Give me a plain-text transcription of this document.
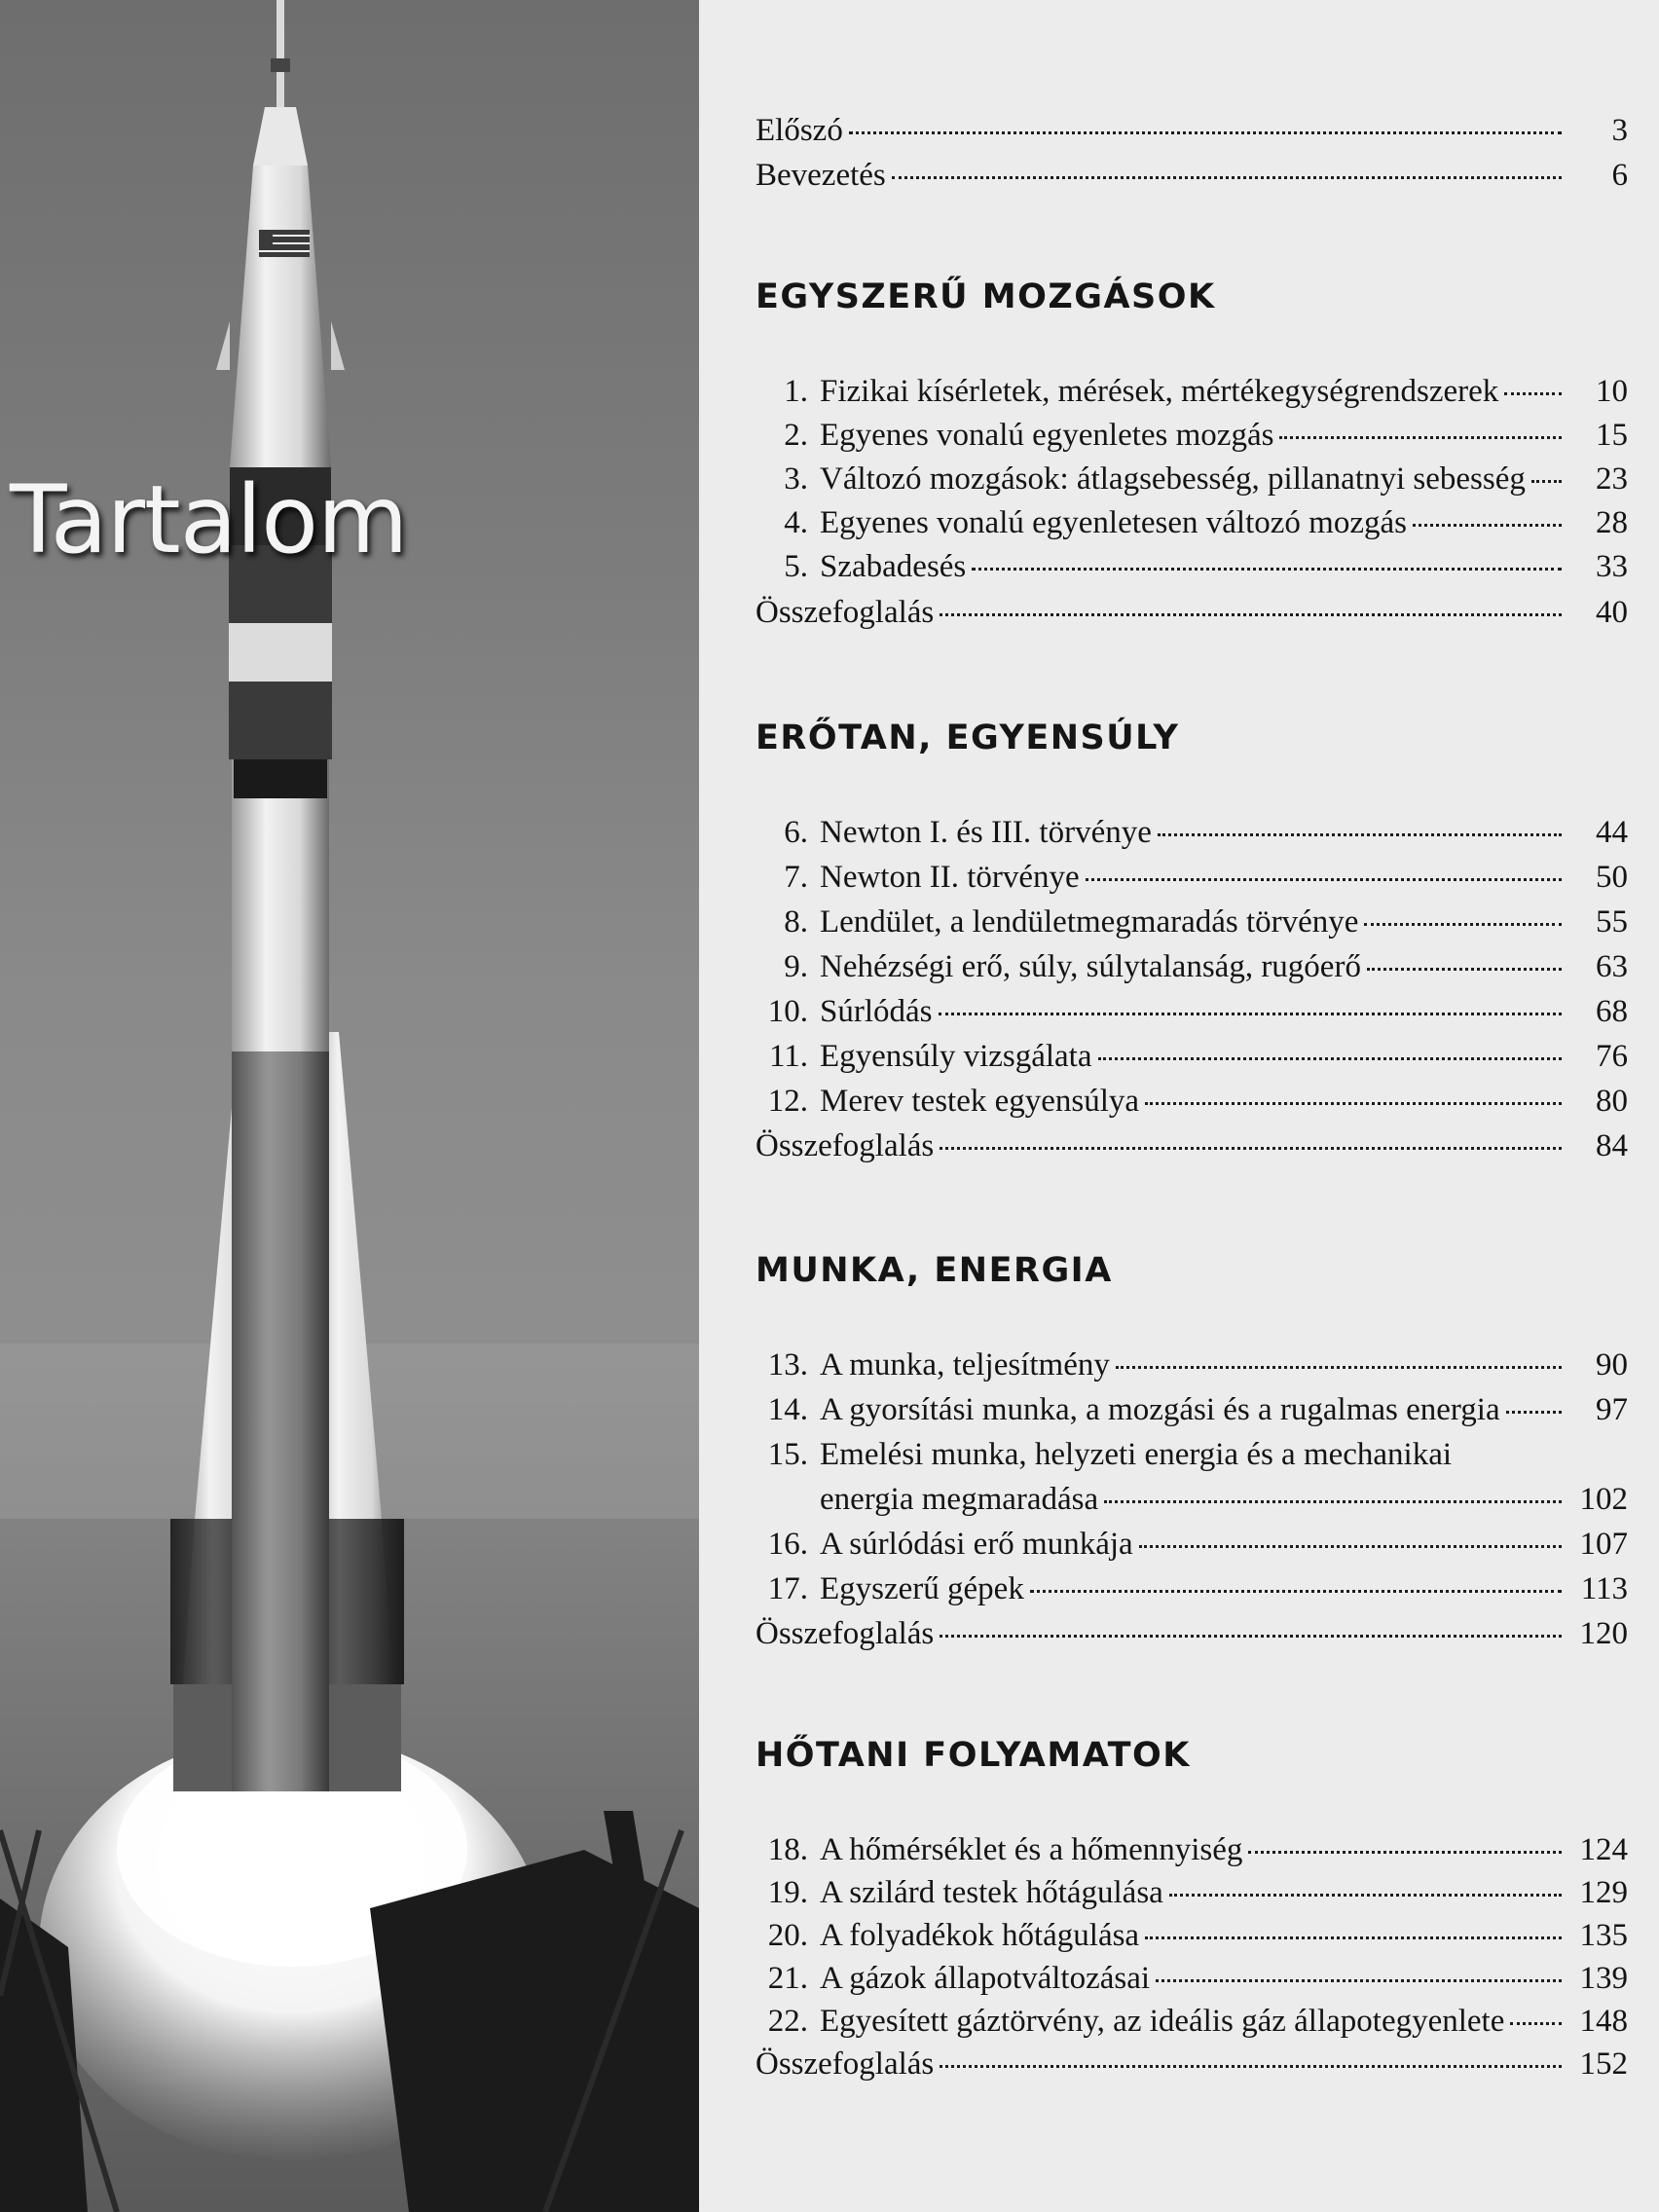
Tartalom
Előszó	3
Bevezetés	6
EGYSZERŰ MOZGÁSOK
1. Fizikai kísérletek, mérések, mértékegységrendszerek	10
2. Egyenes vonalú egyenletes mozgás	15
3. Változó mozgások: átlagsebesség, pillanatnyi sebesség	23
4. Egyenes vonalú egyenletesen változó mozgás	28
5. Szabadesés	33
Összefoglalás	40
ERŐTAN, EGYENSÚLY
6. Newton I. és III. törvénye	44
7. Newton II. törvénye	50
8. Lendület, a lendületmegmaradás törvénye	55
9. Nehézségi erő, súly, súlytalanság, rugóerő	63
10. Súrlódás	68
11. Egyensúly vizsgálata	76
12. Merev testek egyensúlya	80
Összefoglalás	84
MUNKA, ENERGIA
13. A munka, teljesítmény	90
14. A gyorsítási munka, a mozgási és a rugalmas energia	97
15. Emelési munka, helyzeti energia és a mechanikai
energia megmaradása	102
16. A súrlódási erő munkája	107
17. Egyszerű gépek	113
Összefoglalás	120
HŐTANI FOLYAMATOK
18. A hőmérséklet és a hőmennyiség	124
19. A szilárd testek hőtágulása	129
20. A folyadékok hőtágulása	135
21. A gázok állapotváltozásai	139
22. Egyesített gáztörvény, az ideális gáz állapotegyenlete	148
Összefoglalás	152
